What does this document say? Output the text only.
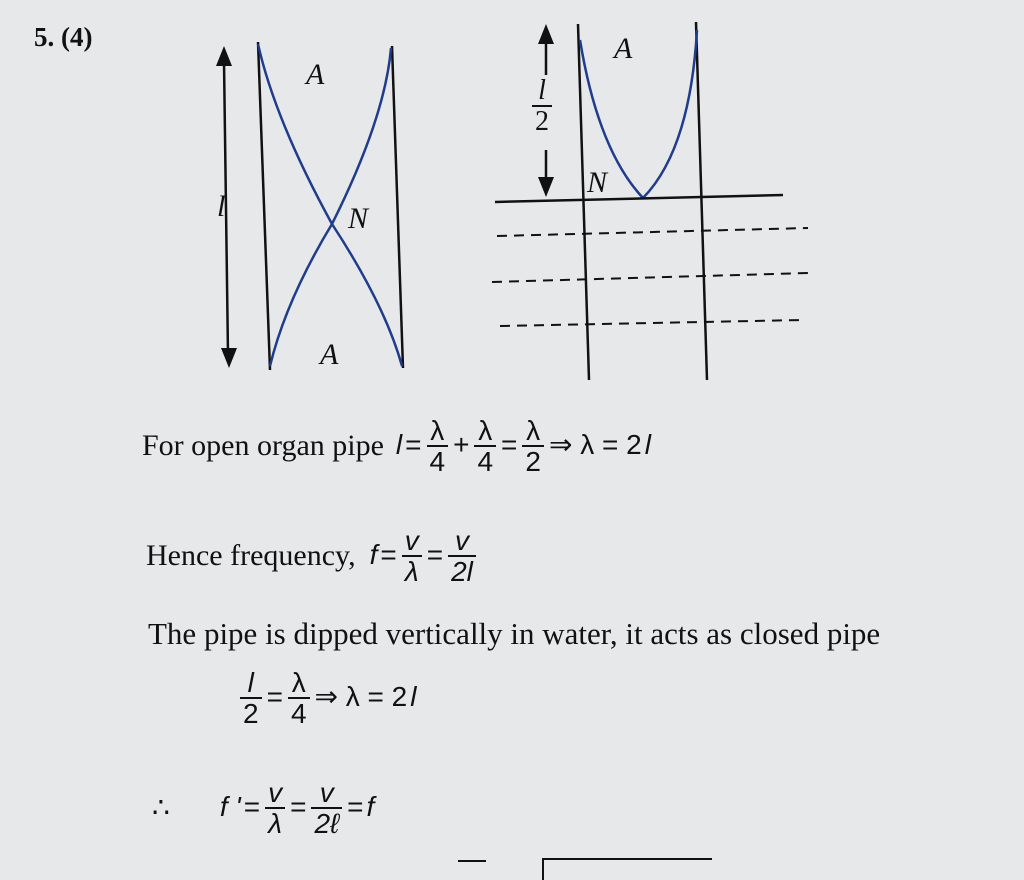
5. (4)
A
l	N
A
A
N
$\frac{l}{2}$
For open organ pipe $l = \frac{\lambda}{4} + \frac{\lambda}{4} = \frac{\lambda}{2}$ ⇒ λ = 2 l
Hence frequency, $f = \frac{v}{\lambda} = \frac{v}{2l}$
The pipe is dipped vertically in water, it acts as closed pipe
$\frac{l}{2} = \frac{\lambda}{4}$ ⇒ λ = 2 l
∴ f ' = $\frac{v}{\lambda} = \frac{v}{\text{2ℓ}} = f$
